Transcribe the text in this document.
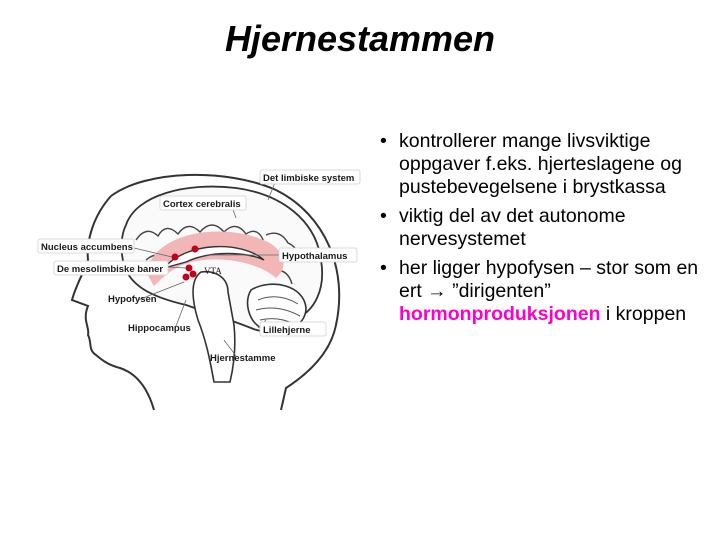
Hjernestammen
Det limbiske system
Cortex cerebralis
Nucleus accumbens
De mesolimbiske baner
Hypothalamus
VTA
Hypofysen
Lillehjerne
Hippocampus
Hjernestamme
• kontrollerer mange livsviktige oppgaver f.eks. hjerteslagene og pustebevegelsene i brystkassa
• viktig del av det autonome nervesystemet
• her ligger hypofysen – stor som en ert → ”dirigenten” hormonproduksjonen i kroppen
